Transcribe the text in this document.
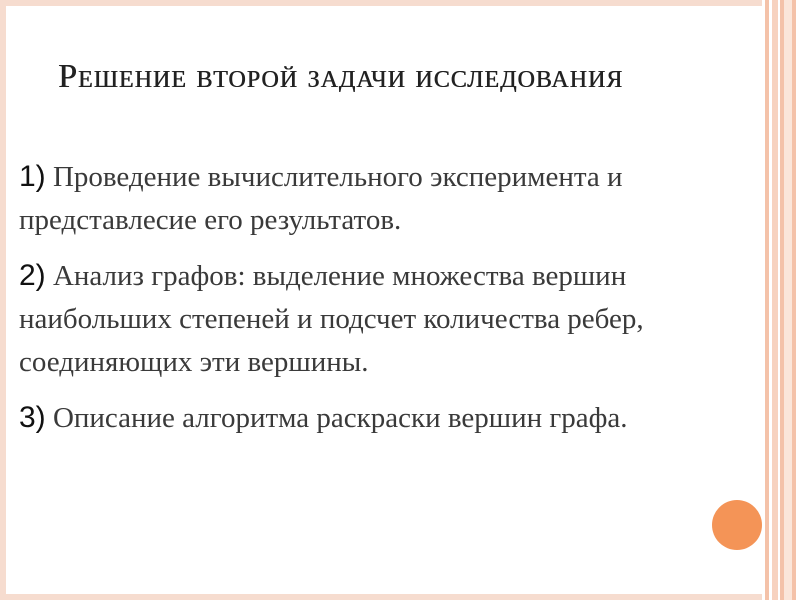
Решение второй задачи исследования

1) Проведение вычислительного эксперимента и представлеcие его результатов.

2) Анализ графов: выделение множества вершин наибольших степеней и подсчет количества ребер, соединяющих эти вершины.

3) Описание алгоритма раскраски вершин графа.
